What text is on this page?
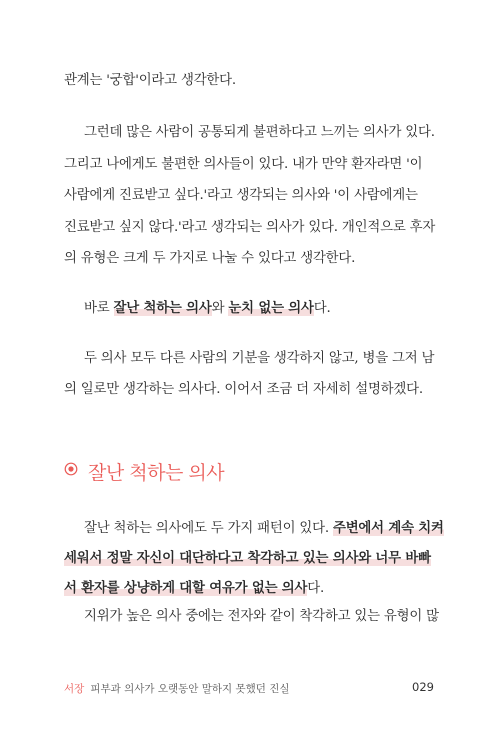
관계는 '궁합'이라고 생각한다.
그런데 많은 사람이 공통되게 불편하다고 느끼는 의사가 있다.
그리고 나에게도 불편한 의사들이 있다. 내가 만약 환자라면 '이
사람에게 진료받고 싶다.'라고 생각되는 의사와 '이 사람에게는
진료받고 싶지 않다.'라고 생각되는 의사가 있다. 개인적으로 후자
의 유형은 크게 두 가지로 나눌 수 있다고 생각한다.
바로 잘난 척하는 의사와 눈치 없는 의사다.
두 의사 모두 다른 사람의 기분을 생각하지 않고, 병을 그저 남
의 일로만 생각하는 의사다. 이어서 조금 더 자세히 설명하겠다.
잘난 척하는 의사
잘난 척하는 의사에도 두 가지 패턴이 있다. 주변에서 계속 치켜
세워서 정말 자신이 대단하다고 착각하고 있는 의사와 너무 바빠
서 환자를 상냥하게 대할 여유가 없는 의사다.
지위가 높은 의사 중에는 전자와 같이 착각하고 있는 유형이 많
서장 피부과 의사가 오랫동안 말하지 못했던 진실	029
